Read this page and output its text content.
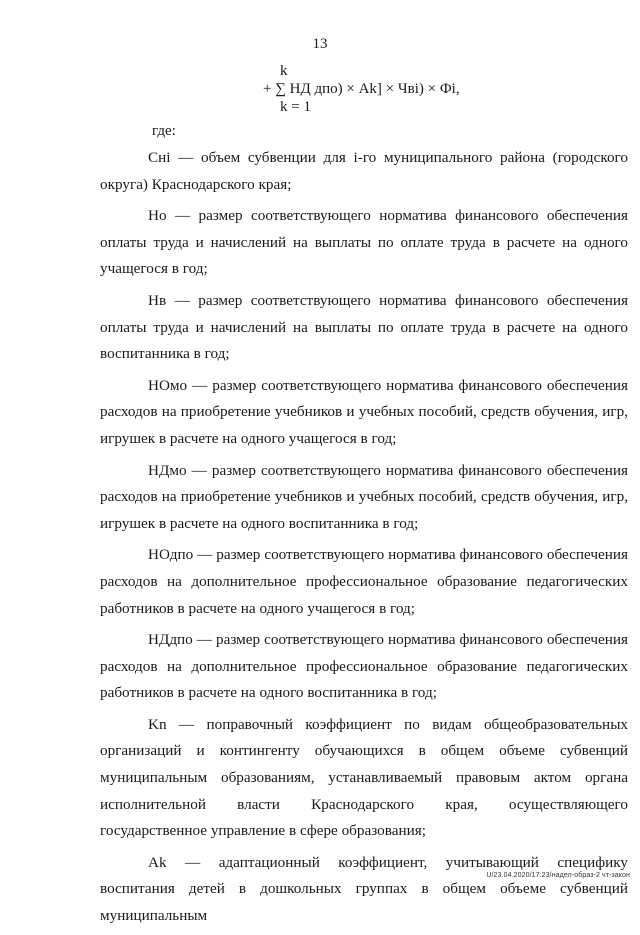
13
k
+ ∑ НД дпо) × Ak] × Чвi) × Фi,
k = 1
где:

Снi — объем субвенции для i-го муниципального района (городского округа) Краснодарского края;

Но — размер соответствующего норматива финансового обеспечения оплаты труда и начислений на выплаты по оплате труда в расчете на одного учащегося в год;

Нв — размер соответствующего норматива финансового обеспечения оплаты труда и начислений на выплаты по оплате труда в расчете на одного воспитанника в год;

НОмо — размер соответствующего норматива финансового обеспечения расходов на приобретение учебников и учебных пособий, средств обучения, игр, игрушек в расчете на одного учащегося в год;

НДмо — размер соответствующего норматива финансового обеспечения расходов на приобретение учебников и учебных пособий, средств обучения, игр, игрушек в расчете на одного воспитанника в год;

НОдпо — размер соответствующего норматива финансового обеспечения расходов на дополнительное профессиональное образование педагогических работников в расчете на одного учащегося в год;

НДдпо — размер соответствующего норматива финансового обеспечения расходов на дополнительное профессиональное образование педагогических работников в расчете на одного воспитанника в год;

Kn — поправочный коэффициент по видам общеобразовательных организаций и контингенту обучающихся в общем объеме субвенций муниципальным образованиям, устанавливаемый правовым актом органа исполнительной власти Краснодарского края, осуществляющего государственное управление в сфере образования;

Ak — адаптационный коэффициент, учитывающий специфику воспитания детей в дошкольных группах в общем объеме субвенций муниципальным

U/23.04.2020/17:23/надел-образ-2 чт-закон
